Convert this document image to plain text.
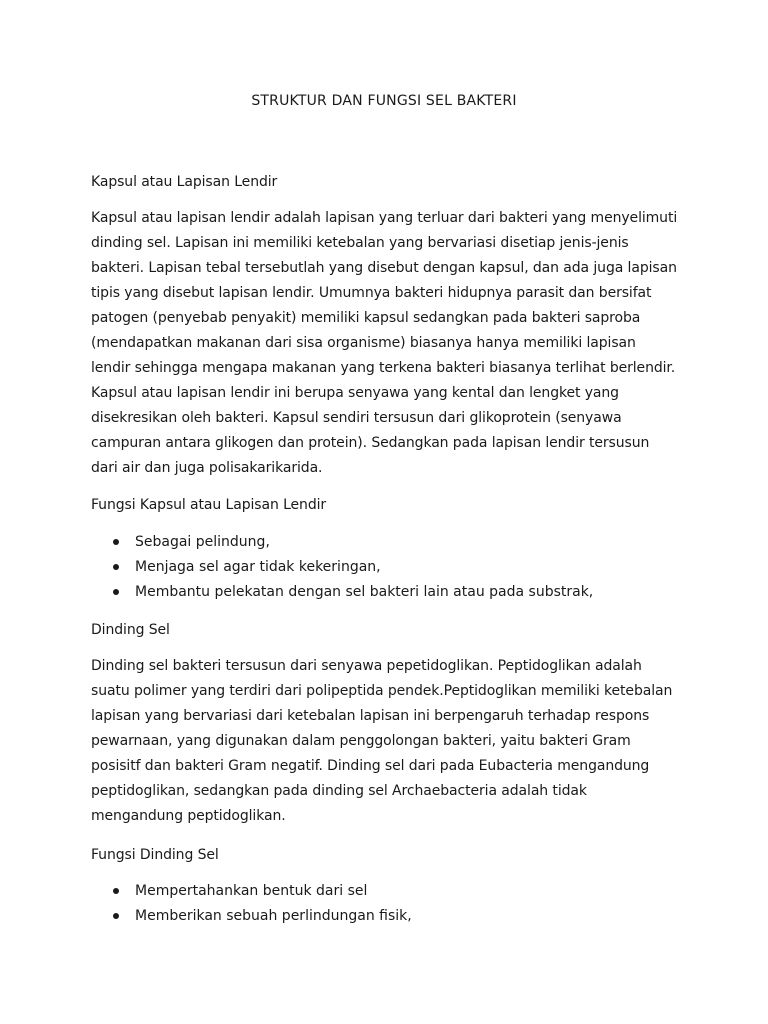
STRUKTUR DAN FUNGSI SEL BAKTERI

Kapsul atau Lapisan Lendir

Kapsul atau lapisan lendir adalah lapisan yang terluar dari bakteri yang menyelimuti dinding sel. Lapisan ini memiliki ketebalan yang bervariasi disetiap jenis-jenis bakteri. Lapisan tebal tersebutlah yang disebut dengan kapsul, dan ada juga lapisan tipis yang disebut lapisan lendir. Umumnya bakteri hidupnya parasit dan bersifat patogen (penyebab penyakit) memiliki kapsul sedangkan pada bakteri saproba (mendapatkan makanan dari sisa organisme) biasanya hanya memiliki lapisan lendir sehingga mengapa makanan yang terkena bakteri biasanya terlihat berlendir. Kapsul atau lapisan lendir ini berupa senyawa yang kental dan lengket yang disekresikan oleh bakteri. Kapsul sendiri tersusun dari glikoprotein (senyawa campuran antara glikogen dan protein). Sedangkan pada lapisan lendir tersusun dari air dan juga polisakarikarida.

Fungsi Kapsul atau Lapisan Lendir

Sebagai pelindung,
Menjaga sel agar tidak kekeringan,
Membantu pelekatan dengan sel bakteri lain atau pada substrak,

Dinding Sel

Dinding sel bakteri tersusun dari senyawa pepetidoglikan. Peptidoglikan adalah suatu polimer yang terdiri dari polipeptida pendek.Peptidoglikan memiliki ketebalan lapisan yang bervariasi dari ketebalan lapisan ini berpengaruh terhadap respons pewarnaan, yang digunakan dalam penggolongan bakteri, yaitu bakteri Gram posisitf dan bakteri Gram negatif. Dinding sel dari pada Eubacteria mengandung peptidoglikan, sedangkan pada dinding sel Archaebacteria adalah tidak mengandung peptidoglikan.

Fungsi Dinding Sel

Mempertahankan bentuk dari sel
Memberikan sebuah perlindungan fisik,
